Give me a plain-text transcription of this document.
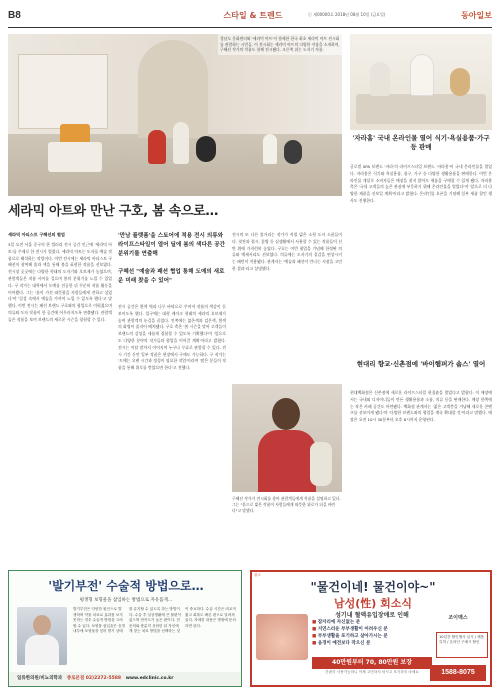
B8	스타일 & 트렌드	ⓒ 제00000호 2018년 08월 10일 (금요일)	동아일보
경남도 문화센터와 '세라믹 아트'이 함께한 한국 최초 세라믹 아트 전시회를 관람하는 시민들. 이 전시회는 세라믹 아트의 다양한 작품을 소개하며, 구혜선 작가의 작품도 함께 전시됐다. 오른쪽 위는 도자기 작품.
세라믹 아트와 만난 구호, 봄 속으로…
세라믹 아티스트 구혜선의 협업
3일 오전 서울 중구의 한 갤러리 전시 공간 인근에 '세라믹 아트'를 주제로 한 전시가 열렸다. 세라믹 아트는 도자를 예술 작품으로 해석하는 작업이다. 이번 전시에는 세라믹 아티스트 구혜선이 참여해 흙과 색을 통해 봄을 표현한 작품을 선보였다. 전시장 곳곳에는 다양한 형태의 도자기와 오브제가 놓였으며, 관람객들은 작품 사이를 걸으며 봄의 분위기를 느낄 수 있었다. 구 작가는 대학에서 도예를 전공한 뒤 꾸준히 작품 활동을 이어왔다. 그는 '흙이 가진 따뜻함을 사람들에게 전하고 싶었다'며 '일상 속에서 예술을 가까이 느낄 수 있도록 했다'고 말했다. 이번 전시는 패션 브랜드 구호와의 협업으로 이뤄졌으며 의류와 도자 작품이 한 공간에 어우러지도록 연출됐다. 관람객들은 작품을 보며 브랜드의 새로운 시즌을 경험할 수 있다.
'만남 플랫폼'을 스토어에 적용 전시 의류와 라이프스타일이 열어 딜에 봄의 색다른 공간 분위기를 연출해
구혜선 "예술과 패션 협업 통해 도예의 새로운 미래 찾을 수 있어"
전시 공간은 흰색 벽과 나무 바닥으로 꾸며져 작품의 색감이 돋보이도록 했다. 입구에는 대형 케이크 형태의 세라믹 오브제가 놓여 관람객의 눈길을 끌었다. 안쪽에는 붉은색과 검은색, 흰색의 화병이 줄지어 배치됐다. 구호 측은 '봄 시즌을 맞아 고객들이 브랜드의 감성을 새롭게 경험할 수 있도록 기획했다'며 '앞으로도 다양한 분야의 작가들과 협업을 이어갈 계획'이라고 밝혔다. 전시는 이달 말까지 이어지며 누구나 무료로 관람할 수 있다. 전시 기간 동안 일부 작품은 현장에서 구매도 가능하다. 구 작가는 '도예는 오랜 시간과 정성이 필요한 작업'이라며 '많은 분들이 작품을 통해 위로를 받았으면 한다'고 전했다.
전시의 또 다른 볼거리는 작가가 직접 빚은 소형 도자 소품들이다. 찻잔과 접시, 꽃병 등 실생활에서 사용할 수 있는 작품들이 선반 위에 가지런히 놓였다. 구호는 이번 협업을 기념해 한정판 의류와 액세서리도 선보였다. 의류에는 도자기의 질감을 연상시키는 패턴이 적용됐다. 관계자는 '예술과 패션이 만나는 지점을 고민한 결과'라고 설명했다.
구혜선 작가가 전시회를 찾아 관람객들에게 작품을 설명하고 있다. 그는 "흙으로 빚은 작품이 사람들에게 따뜻한 위로가 되길 바란다"고 말했다.
'자라홈' 국내 온라인몰 열어 식기·욕실용품·가구 등 판매
글로벌 SPA 브랜드 '자라'의 라이프스타일 브랜드 '자라홈'이 국내 온라인몰을 열었다. 자라홈은 식기와 욕실용품, 침구, 가구 등 다양한 생활용품을 판매한다. 이번 온라인몰 개설로 소비자들은 매장을 찾지 않아도 제품을 구매할 수 있게 됐다. 자라홈 측은 '국내 고객들의 높은 관심에 부응하기 위해 온라인몰을 열었다'며 '앞으로 더 다양한 제품을 선보일 계획'이라고 밝혔다. 온라인몰 오픈을 기념해 일부 제품 할인 행사도 진행한다.
현대리 향교·신촌점에 '바이헴퍼가 숍스' 열어
현대백화점은 신촌점에 새로운 라이프스타일 편집숍을 열었다고 밝혔다. 이 매장에서는 국내외 디자이너들이 만든 생활용품과 소품, 의류 등을 판매한다. 매장 한쪽에는 작은 카페 공간도 마련됐다. 백화점 관계자는 '젊은 고객층을 겨냥해 새로운 콘텐츠를 선보이게 됐다'며 '다양한 브랜드와의 협업을 계속 확대할 것'이라고 말했다. 매장은 오전 10시 30분부터 오후 8시까지 운영된다.
'발기부전' 수술적 방법으로…
평생형 보형물을 삽입하는 방법으로 자유롭게…
발기부전은 다양한 원인으로 발생하며 약물 치료로 효과를 보지 못하는 경우 수술적 방법을 고려할 수 있다. 보형물 삽입술은 음경 내부에 보형물을 넣어 발기 상태를 유지할 수 있도록 하는 방법이다. 수술 후 일상생활에 큰 불편이 없으며 만족도가 높은 편이다. 전문의와 충분히 상담한 뒤 자신에게 맞는 치료 방법을 선택하는 것이 중요하다. 수술 시간은 비교적 짧고 회복도 빠른 편으로 알려져 있다. 자세한 내용은 병원에 문의하면 된다.
일류한의원/비뇨의학과 종로본점 02)2272-5588 www.edclinic.co.kr
광고
"물건이네! 물건이야~"
남성(性) 회소식
성기내 혈액유입장애로 인해
■ 잠자리에 자신없는 분
■ 지연스러운 부부생활이 어려우신 분
■ 부부생활을 포기하고 살아가시는 분
■ 음경이 예전보다 작으신 분
40만원부터 70, 80만원 보장
간편히 사용가능하니 이제 고민하지 마시고 포기하지 마세요
조이맥스
10년간 할인행사 실시 / 제품 특허 / 온라인 구매시 할인
1588-8075
